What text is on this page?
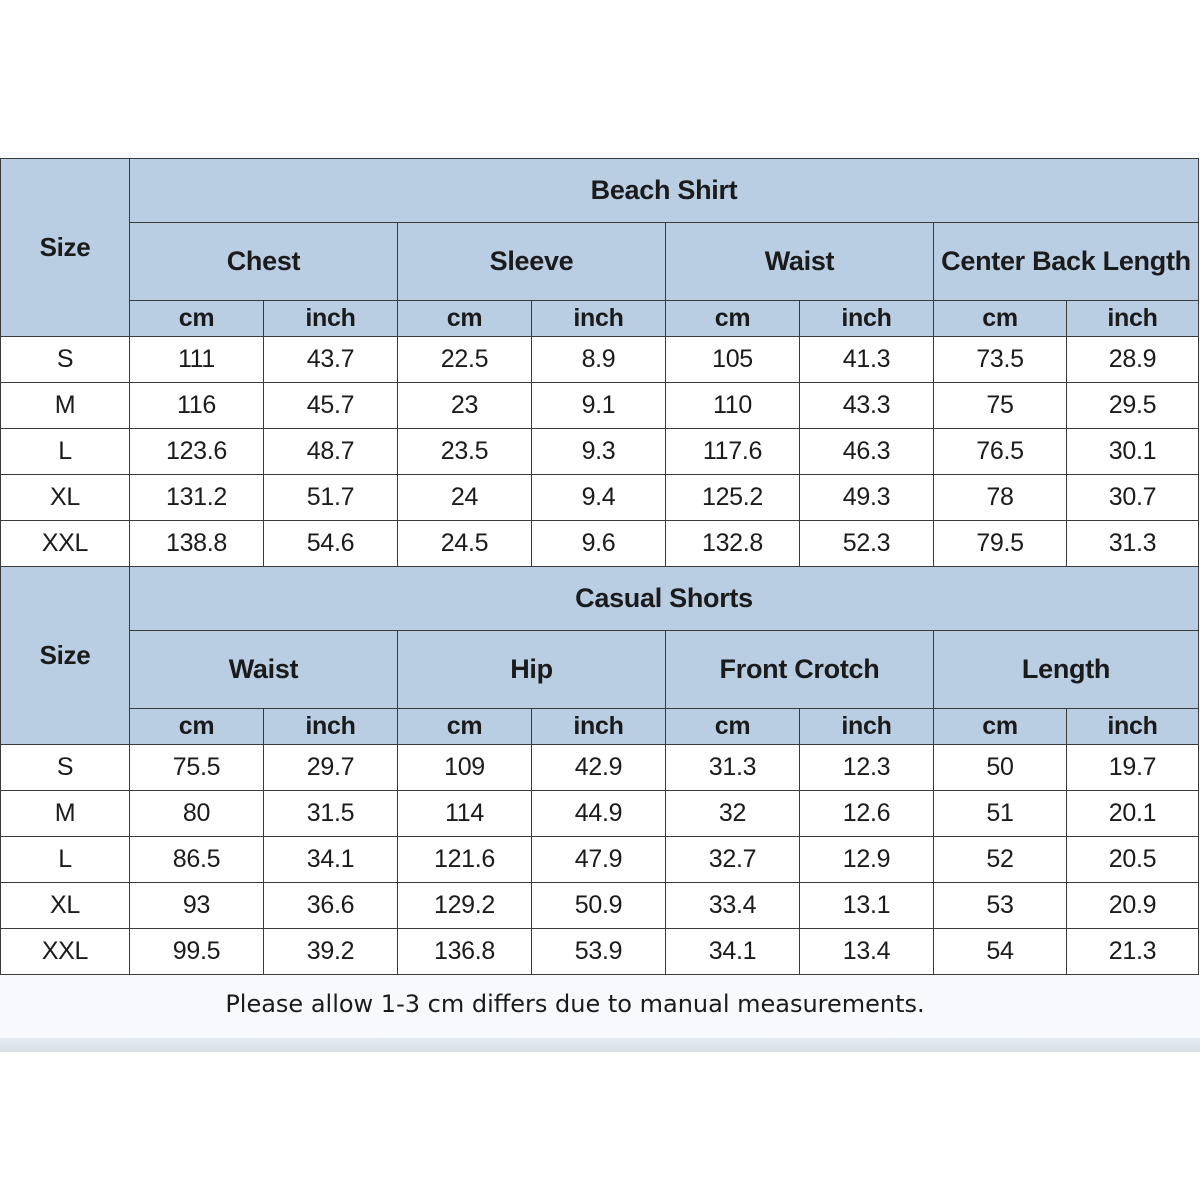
Size	Beach Shirt							
	Chest		Sleeve		Waist		Center Back Length	
	cm	inch	cm	inch	cm	inch	cm	inch
S	111	43.7	22.5	8.9	105	41.3	73.5	28.9
M	116	45.7	23	9.1	110	43.3	75	29.5
L	123.6	48.7	23.5	9.3	117.6	46.3	76.5	30.1
XL	131.2	51.7	24	9.4	125.2	49.3	78	30.7
XXL	138.8	54.6	24.5	9.6	132.8	52.3	79.5	31.3
Size	Casual Shorts							
	Waist		Hip		Front Crotch		Length	
	cm	inch	cm	inch	cm	inch	cm	inch
S	75.5	29.7	109	42.9	31.3	12.3	50	19.7
M	80	31.5	114	44.9	32	12.6	51	20.1
L	86.5	34.1	121.6	47.9	32.7	12.9	52	20.5
XL	93	36.6	129.2	50.9	33.4	13.1	53	20.9
XXL	99.5	39.2	136.8	53.9	34.1	13.4	54	21.3
Please allow 1-3 cm differs due to manual measurements.
